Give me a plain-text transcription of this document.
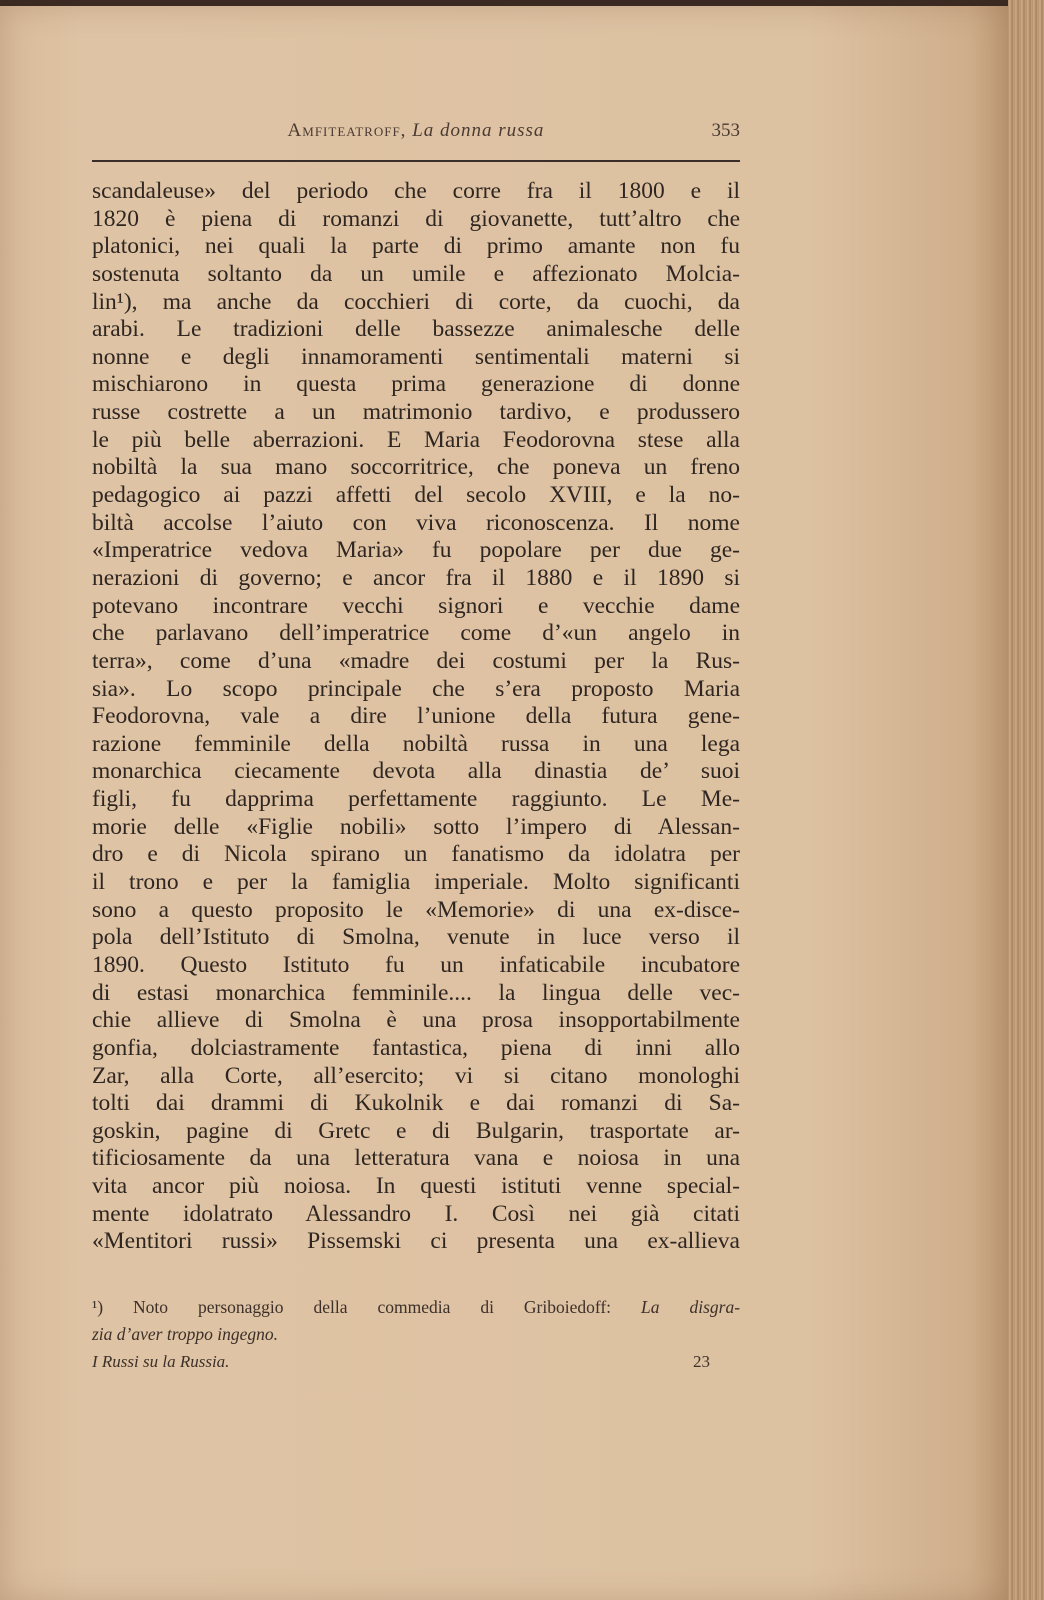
Amfiteatroff, La donna russa	353
scandaleuse» del periodo che corre fra il 1800 e il
1820 è piena di romanzi di giovanette, tutt’altro che
platonici, nei quali la parte di primo amante non fu
sostenuta soltanto da un umile e affezionato Molcia-
lin¹), ma anche da cocchieri di corte, da cuochi, da
arabi. Le tradizioni delle bassezze animalesche delle
nonne e degli innamoramenti sentimentali materni si
mischiarono in questa prima generazione di donne
russe costrette a un matrimonio tardivo, e produssero
le più belle aberrazioni. E Maria Feodorovna stese alla
nobiltà la sua mano soccorritrice, che poneva un freno
pedagogico ai pazzi affetti del secolo XVIII, e la no-
biltà accolse l’aiuto con viva riconoscenza. Il nome
«Imperatrice vedova Maria» fu popolare per due ge-
nerazioni di governo; e ancor fra il 1880 e il 1890 si
potevano incontrare vecchi signori e vecchie dame
che parlavano dell’imperatrice come d’«un angelo in
terra», come d’una «madre dei costumi per la Rus-
sia». Lo scopo principale che s’era proposto Maria
Feodorovna, vale a dire l’unione della futura gene-
razione femminile della nobiltà russa in una lega
monarchica ciecamente devota alla dinastia de’ suoi
figli, fu dapprima perfettamente raggiunto. Le Me-
morie delle «Figlie nobili» sotto l’impero di Alessan-
dro e di Nicola spirano un fanatismo da idolatra per
il trono e per la famiglia imperiale. Molto significanti
sono a questo proposito le «Memorie» di una ex-disce-
pola dell’Istituto di Smolna, venute in luce verso il
1890. Questo Istituto fu un infaticabile incubatore
di estasi monarchica femminile.... la lingua delle vec-
chie allieve di Smolna è una prosa insopportabilmente
gonfia, dolciastramente fantastica, piena di inni allo
Zar, alla Corte, all’esercito; vi si citano monologhi
tolti dai drammi di Kukolnik e dai romanzi di Sa-
goskin, pagine di Gretc e di Bulgarin, trasportate ar-
tificiosamente da una letteratura vana e noiosa in una
vita ancor più noiosa. In questi istituti venne special-
mente idolatrato Alessandro I. Così nei già citati
«Mentitori russi» Pissemski ci presenta una ex-allieva
¹) Noto personaggio della commedia di Griboiedoff: La disgra-
zia d’aver troppo ingegno.
I Russi su la Russia.	23
